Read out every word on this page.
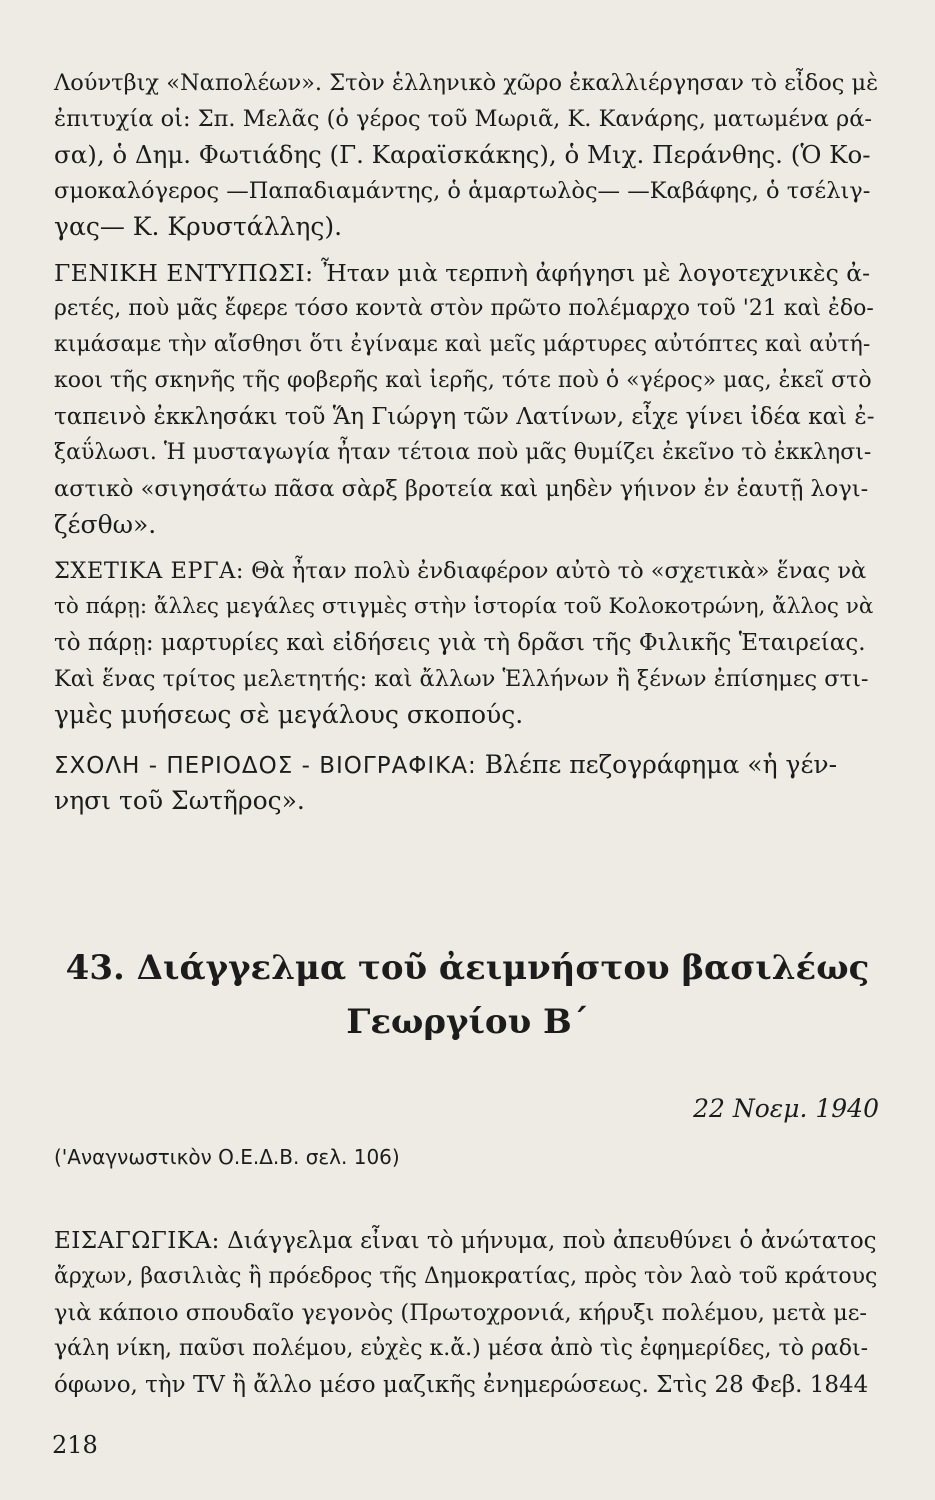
Λούντβιχ «Ναπολέων». Στὸν ἑλληνικὸ χῶρο ἐκαλλιέργησαν τὸ εἶδος μὲ
ἐπιτυχία οἱ: Σπ. Μελᾶς (ὁ γέρος τοῦ Μωριᾶ, Κ. Κανάρης, ματωμένα ρά-
σα), ὁ Δημ. Φωτιάδης (Γ. Καραϊσκάκης), ὁ Μιχ. Περάνθης. (Ὁ Κο-
σμοκαλόγερος —Παπαδιαμάντης, ὁ ἁμαρτωλὸς— —Καβάφης, ὁ τσέλιγ-
γας— Κ. Κρυστάλλης).
ΓΕΝΙΚΗ ΕΝΤΥΠΩΣΙ: Ἦταν μιὰ τερπνὴ ἀφήγησι μὲ λογοτεχνικὲς ἀ-
ρετές, ποὺ μᾶς ἔφερε τόσο κοντὰ στὸν πρῶτο πολέμαρχο τοῦ '21 καὶ ἐδο-
κιμάσαμε τὴν αἴσθησι ὅτι ἐγίναμε καὶ μεῖς μάρτυρες αὐτόπτες καὶ αὐτή-
κοοι τῆς σκηνῆς τῆς φοβερῆς καὶ ἱερῆς, τότε ποὺ ὁ «γέρος» μας, ἐκεῖ στὸ
ταπεινὸ ἐκκλησάκι τοῦ Ἅη Γιώργη τῶν Λατίνων, εἶχε γίνει ἰδέα καὶ ἐ-
ξαΰλωσι. Ἡ μυσταγωγία ἦταν τέτοια ποὺ μᾶς θυμίζει ἐκεῖνο τὸ ἐκκλησι-
αστικὸ «σιγησάτω πᾶσα σὰρξ βροτεία καὶ μηδὲν γήινον ἐν ἑαυτῇ λογι-
ζέσθω».
ΣΧΕΤΙΚΑ ΕΡΓΑ: Θὰ ἦταν πολὺ ἐνδιαφέρον αὐτὸ τὸ «σχετικὰ» ἕνας νὰ
τὸ πάρῃ: ἄλλες μεγάλες στιγμὲς στὴν ἱστορία τοῦ Κολοκοτρώνη, ἄλλος νὰ
τὸ πάρῃ: μαρτυρίες καὶ εἰδήσεις γιὰ τὴ δρᾶσι τῆς Φιλικῆς Ἑταιρείας.
Καὶ ἕνας τρίτος μελετητής: καὶ ἄλλων Ἑλλήνων ἢ ξένων ἐπίσημες στι-
γμὲς μυήσεως σὲ μεγάλους σκοπούς.
ΣΧΟΛΗ - ΠΕΡΙΟΔΟΣ - ΒΙΟΓΡΑΦΙΚΑ: Βλέπε πεζογράφημα «ἡ γέν-
νησι τοῦ Σωτῆρος».
43. Διάγγελμα τοῦ ἀειμνήστου βασιλέως
Γεωργίου Β΄
22 Νοεμ. 1940
('Αναγνωστικὸν Ο.Ε.Δ.Β. σελ. 106)
ΕΙΣΑΓΩΓΙΚΑ: Διάγγελμα εἶναι τὸ μήνυμα, ποὺ ἀπευθύνει ὁ ἀνώτατος
ἄρχων, βασιλιὰς ἢ πρόεδρος τῆς Δημοκρατίας, πρὸς τὸν λαὸ τοῦ κράτους
γιὰ κάποιο σπουδαῖο γεγονὸς (Πρωτοχρονιά, κήρυξι πολέμου, μετὰ με-
γάλη νίκη, παῦσι πολέμου, εὐχὲς κ.ἄ.) μέσα ἀπὸ τὶς ἐφημερίδες, τὸ ραδι-
όφωνο, τὴν TV ἢ ἄλλο μέσο μαζικῆς ἐνημερώσεως. Στὶς 28 Φεβ. 1844
218
